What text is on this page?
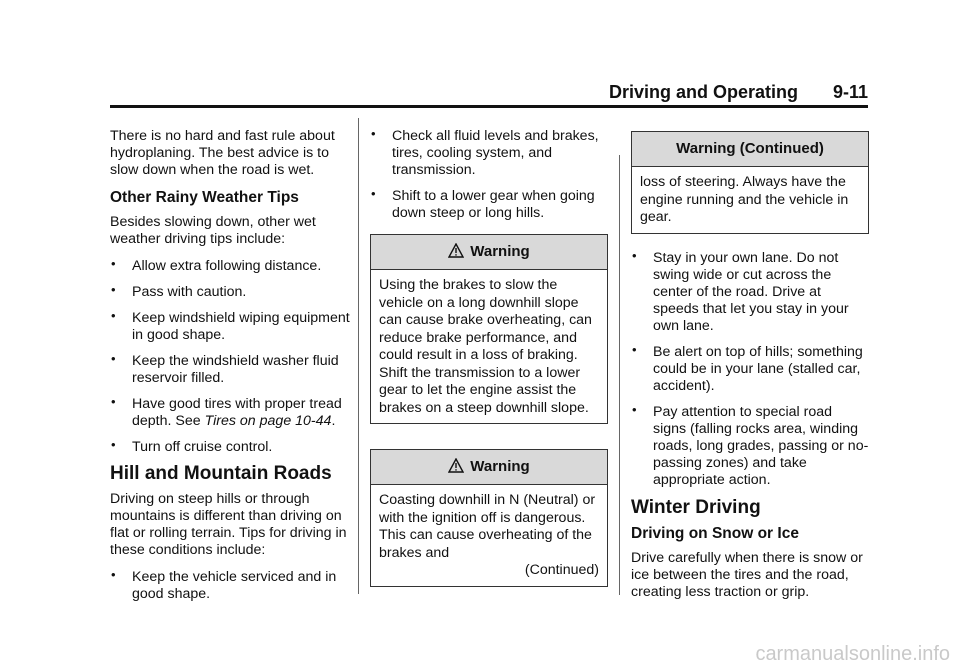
Driving and Operating 9-11

There is no hard and fast rule about hydroplaning. The best advice is to slow down when the road is wet.

Other Rainy Weather Tips

Besides slowing down, other wet weather driving tips include:

• Allow extra following distance.
• Pass with caution.
• Keep windshield wiping equipment in good shape.
• Keep the windshield washer fluid reservoir filled.
• Have good tires with proper tread depth. See Tires on page 10-44.
• Turn off cruise control.
Hill and Mountain Roads

Driving on steep hills or through mountains is different than driving on flat or rolling terrain. Tips for driving in these conditions include:

• Keep the vehicle serviced and in good shape.
• Check all fluid levels and brakes, tires, cooling system, and transmission.
• Shift to a lower gear when going down steep or long hills.
Warning
Using the brakes to slow the vehicle on a long downhill slope can cause brake overheating, can reduce brake performance, and could result in a loss of braking. Shift the transmission to a lower gear to let the engine assist the brakes on a steep downhill slope.
Warning
Coasting downhill in N (Neutral) or with the ignition off is dangerous. This can cause overheating of the brakes and
(Continued)
Warning (Continued)
loss of steering. Always have the engine running and the vehicle in gear.
• Stay in your own lane. Do not swing wide or cut across the center of the road. Drive at speeds that let you stay in your own lane.
• Be alert on top of hills; something could be in your lane (stalled car, accident).
• Pay attention to special road signs (falling rocks area, winding roads, long grades, passing or no-passing zones) and take appropriate action.
Winter Driving
Driving on Snow or Ice

Drive carefully when there is snow or ice between the tires and the road, creating less traction or grip.

carmanualsonline.info
